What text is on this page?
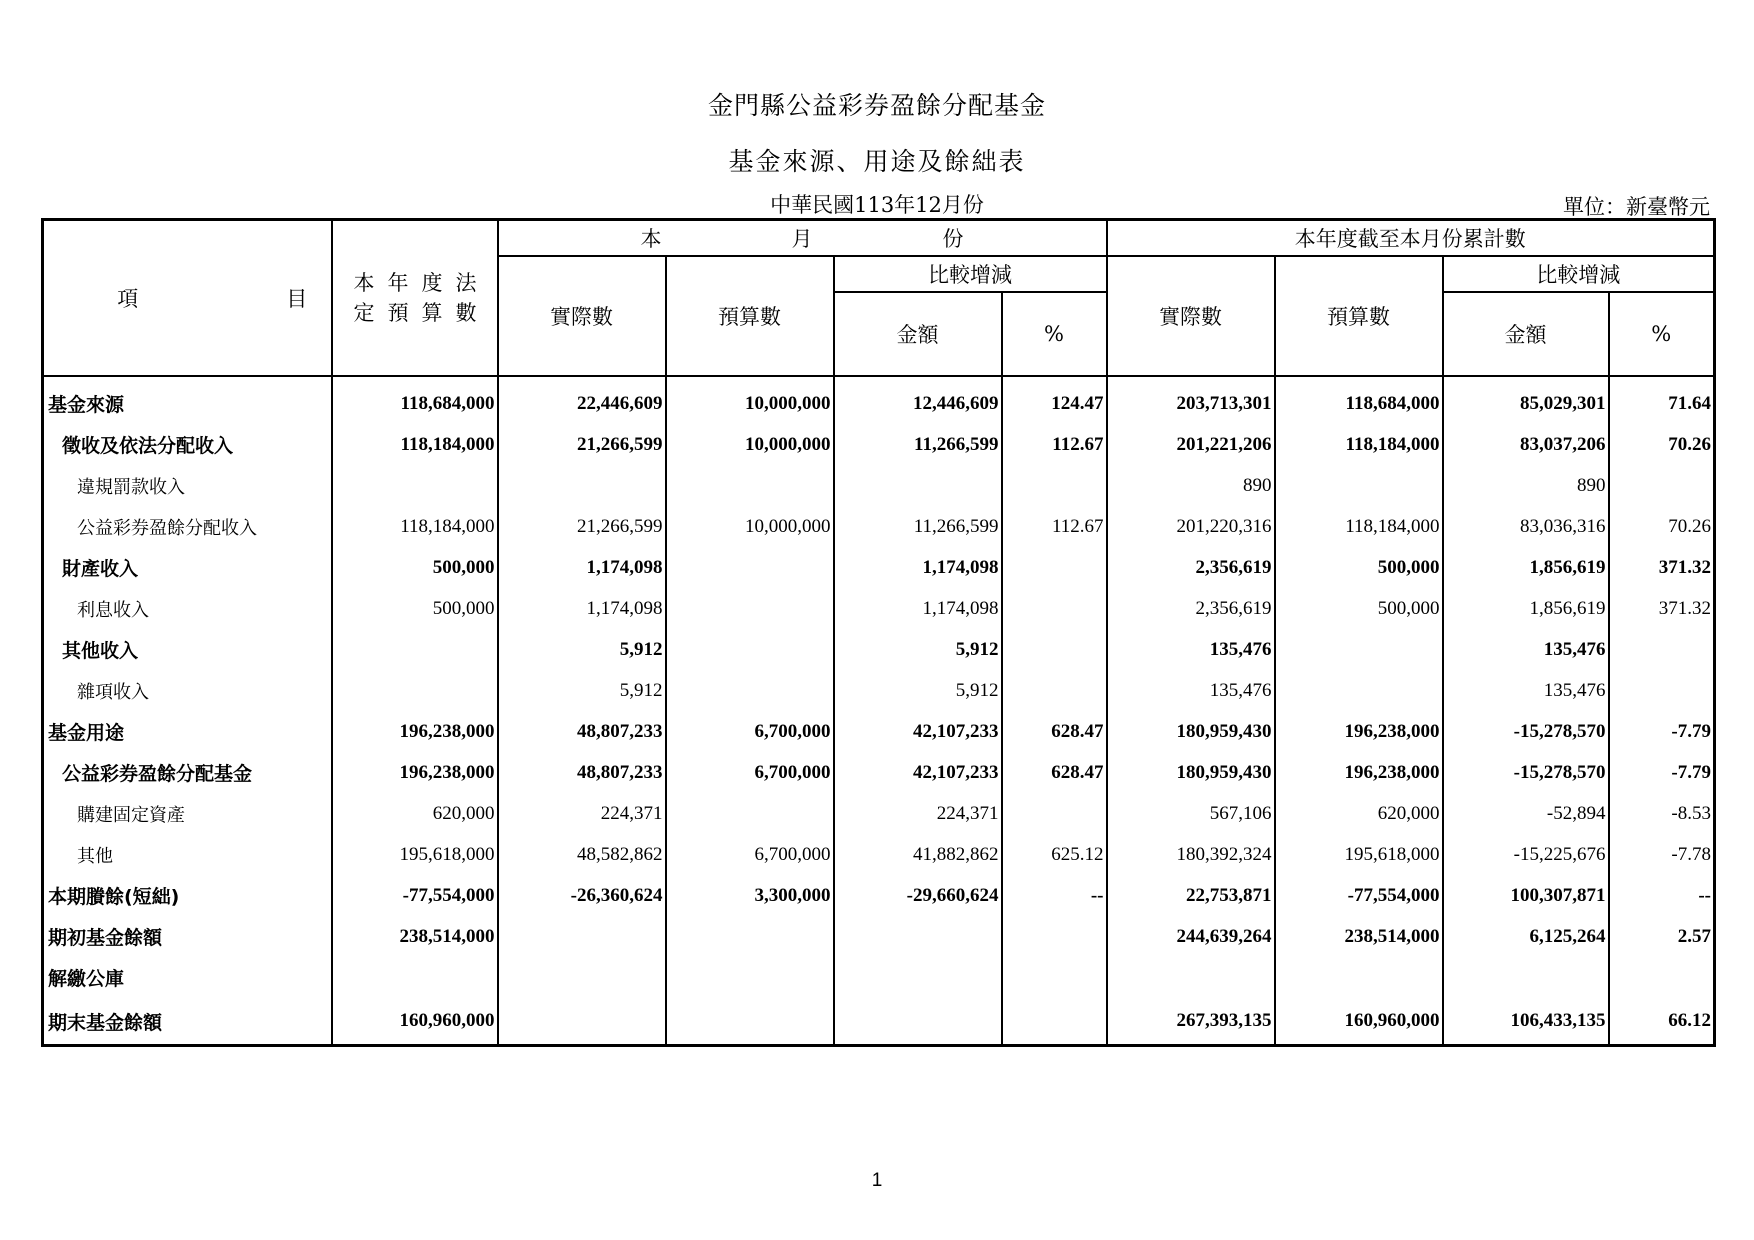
金門縣公益彩券盈餘分配基金
基金來源、用途及餘絀表
中華民國113年12月份	單位：新臺幣元
項 目	本年度法
定預算數	本 月 份				本年度截至本月份累計數			
		實際數	預算數	比較增減		實際數	預算數	比較增減	
				金額	%			金額	%
基金來源	118,684,000	22,446,609	10,000,000	12,446,609	124.47	203,713,301	118,684,000	85,029,301	71.64
徵收及依法分配收入	118,184,000	21,266,599	10,000,000	11,266,599	112.67	201,221,206	118,184,000	83,037,206	70.26
違規罰款收入						890		890	
公益彩券盈餘分配收入	118,184,000	21,266,599	10,000,000	11,266,599	112.67	201,220,316	118,184,000	83,036,316	70.26
財產收入	500,000	1,174,098		1,174,098		2,356,619	500,000	1,856,619	371.32
利息收入	500,000	1,174,098		1,174,098		2,356,619	500,000	1,856,619	371.32
其他收入		5,912		5,912		135,476		135,476	
雜項收入		5,912		5,912		135,476		135,476	
基金用途	196,238,000	48,807,233	6,700,000	42,107,233	628.47	180,959,430	196,238,000	-15,278,570	-7.79
公益彩券盈餘分配基金	196,238,000	48,807,233	6,700,000	42,107,233	628.47	180,959,430	196,238,000	-15,278,570	-7.79
購建固定資產	620,000	224,371		224,371		567,106	620,000	-52,894	-8.53
其他	195,618,000	48,582,862	6,700,000	41,882,862	625.12	180,392,324	195,618,000	-15,225,676	-7.78
本期賸餘(短絀)	-77,554,000	-26,360,624	3,300,000	-29,660,624	--	22,753,871	-77,554,000	100,307,871	--
期初基金餘額	238,514,000					244,639,264	238,514,000	6,125,264	2.57
解繳公庫									
期末基金餘額	160,960,000					267,393,135	160,960,000	106,433,135	66.12
1
